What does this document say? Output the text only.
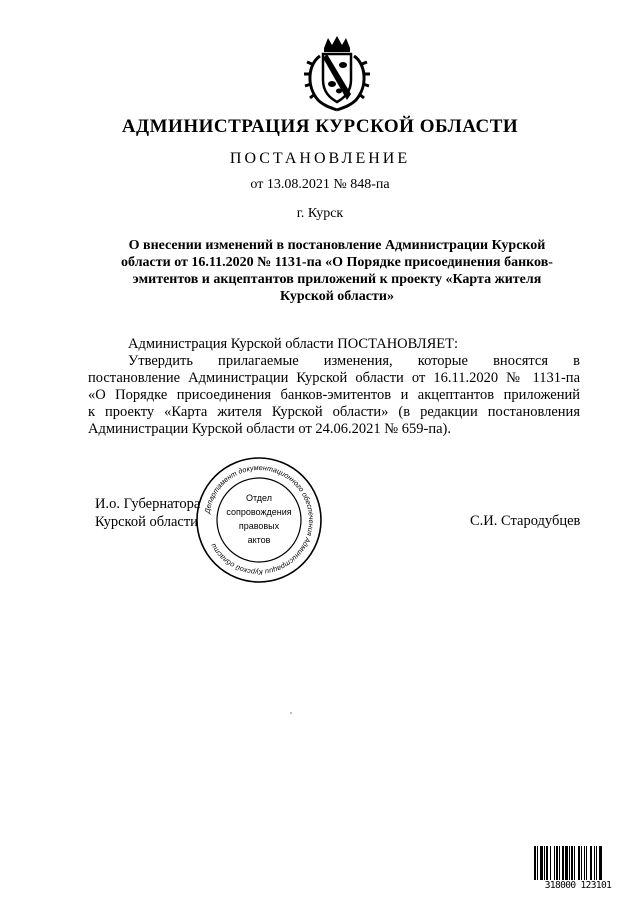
АДМИНИСТРАЦИЯ КУРСКОЙ ОБЛАСТИ
ПОСТАНОВЛЕНИЕ
от 13.08.2021 № 848-па
г. Курск
О внесении изменений в постановление Администрации Курской
области от 16.11.2020 № 1131-па «О Порядке присоединения банков-
эмитентов и акцептантов приложений к проекту «Карта жителя
Курской области»
Администрация Курской области ПОСТАНОВЛЯЕТ:
Утвердить прилагаемые изменения, которые вносятся в
постановление Администрации Курской области от 16.11.2020 № 1131-па
«О Порядке присоединения банков-эмитентов и акцептантов приложений
к проекту «Карта жителя Курской области» (в редакции постановления
Администрации Курской области от 24.06.2021 № 659-па).
И.о. Губернатора
Курской области	С.И. Стародубцев
Департамент документационного обеспечения Администрации Курской области
Отдел
сопровождения
правовых
актов
318000 123101
